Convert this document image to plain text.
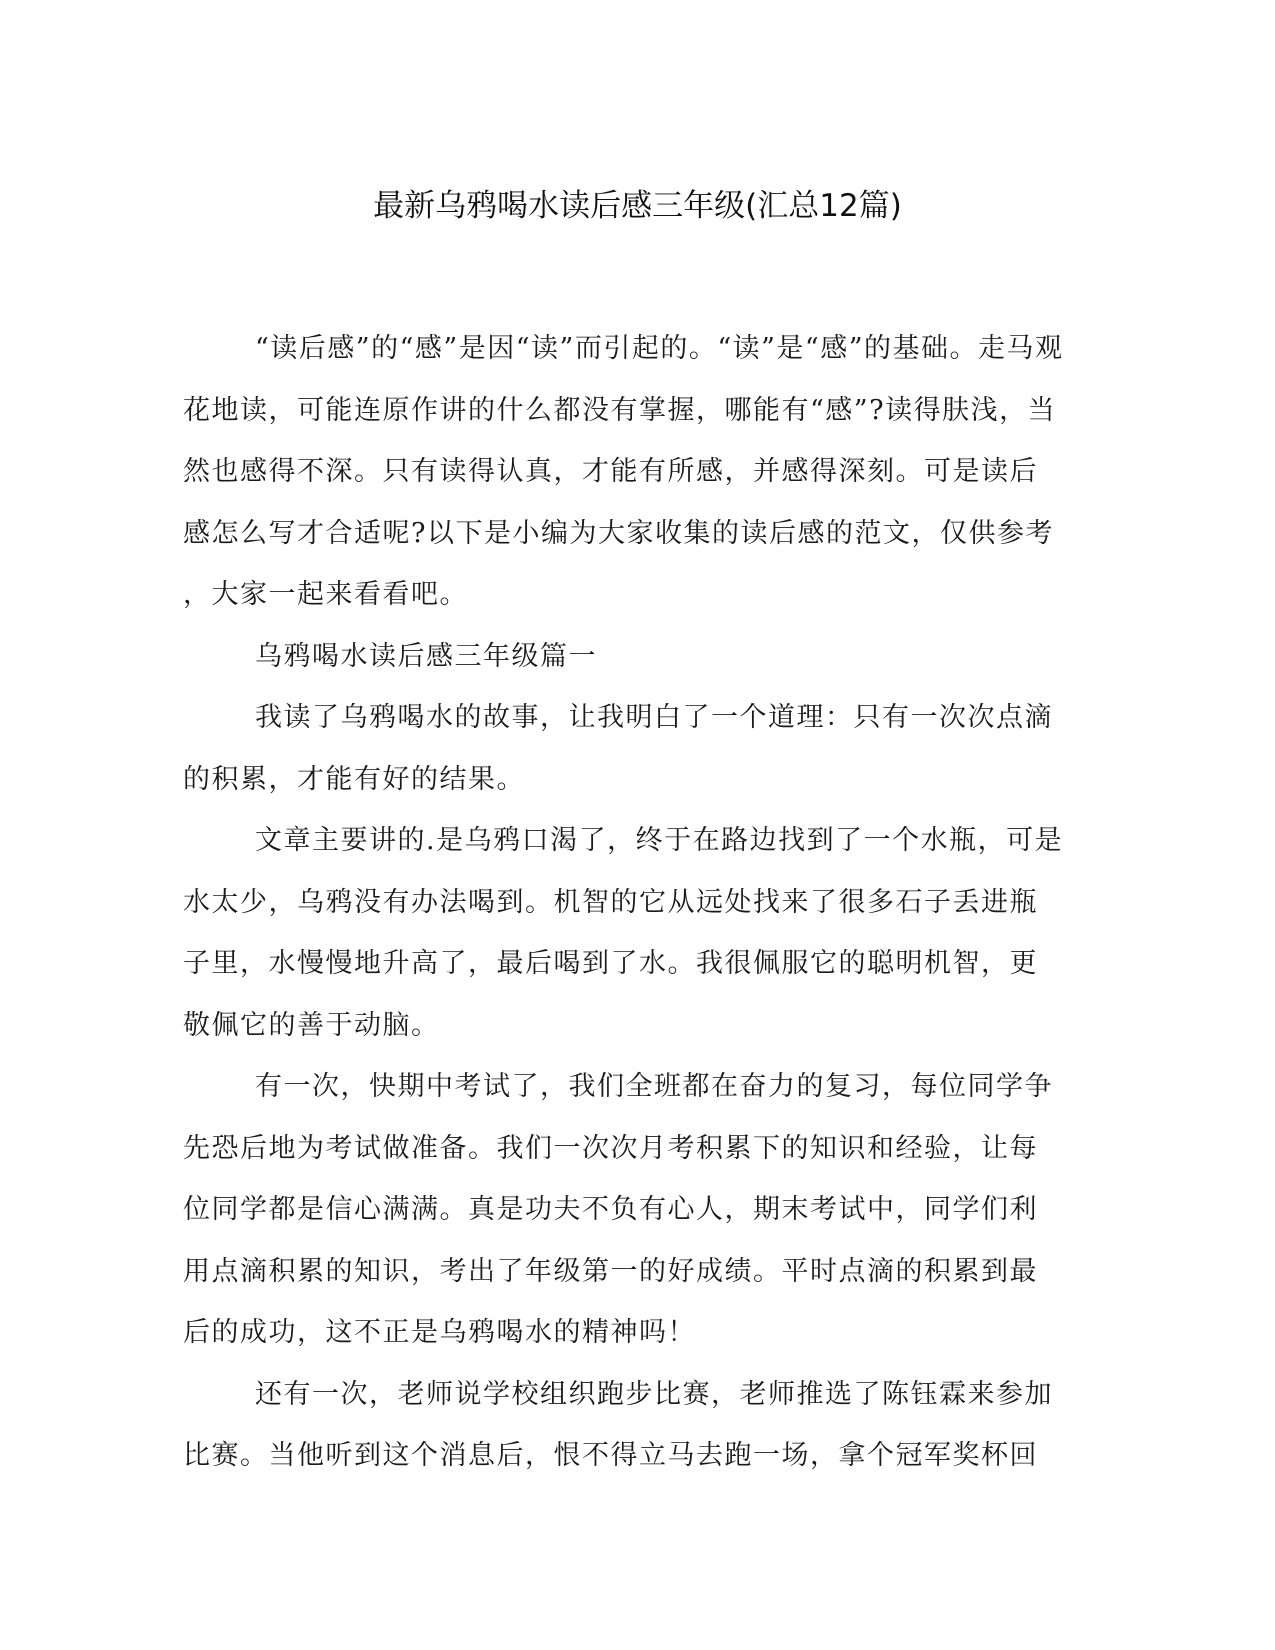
最新乌鸦喝水读后感三年级(汇总12篇)

“读后感”的“感”是因“读”而引起的。“读”是“感”的基础。走马观

花地读，可能连原作讲的什么都没有掌握，哪能有“感”?读得肤浅，当

然也感得不深。只有读得认真，才能有所感，并感得深刻。可是读后

感怎么写才合适呢?以下是小编为大家收集的读后感的范文，仅供参考

，大家一起来看看吧。

乌鸦喝水读后感三年级篇一

我读了乌鸦喝水的故事，让我明白了一个道理：只有一次次点滴

的积累，才能有好的结果。

文章主要讲的.是乌鸦口渴了，终于在路边找到了一个水瓶，可是

水太少，乌鸦没有办法喝到。机智的它从远处找来了很多石子丢进瓶

子里，水慢慢地升高了，最后喝到了水。我很佩服它的聪明机智，更

敬佩它的善于动脑。

有一次，快期中考试了，我们全班都在奋力的复习，每位同学争

先恐后地为考试做准备。我们一次次月考积累下的知识和经验，让每

位同学都是信心满满。真是功夫不负有心人，期末考试中，同学们利

用点滴积累的知识，考出了年级第一的好成绩。平时点滴的积累到最

后的成功，这不正是乌鸦喝水的精神吗！

还有一次，老师说学校组织跑步比赛，老师推选了陈钰霖来参加

比赛。当他听到这个消息后，恨不得立马去跑一场，拿个冠军奖杯回
